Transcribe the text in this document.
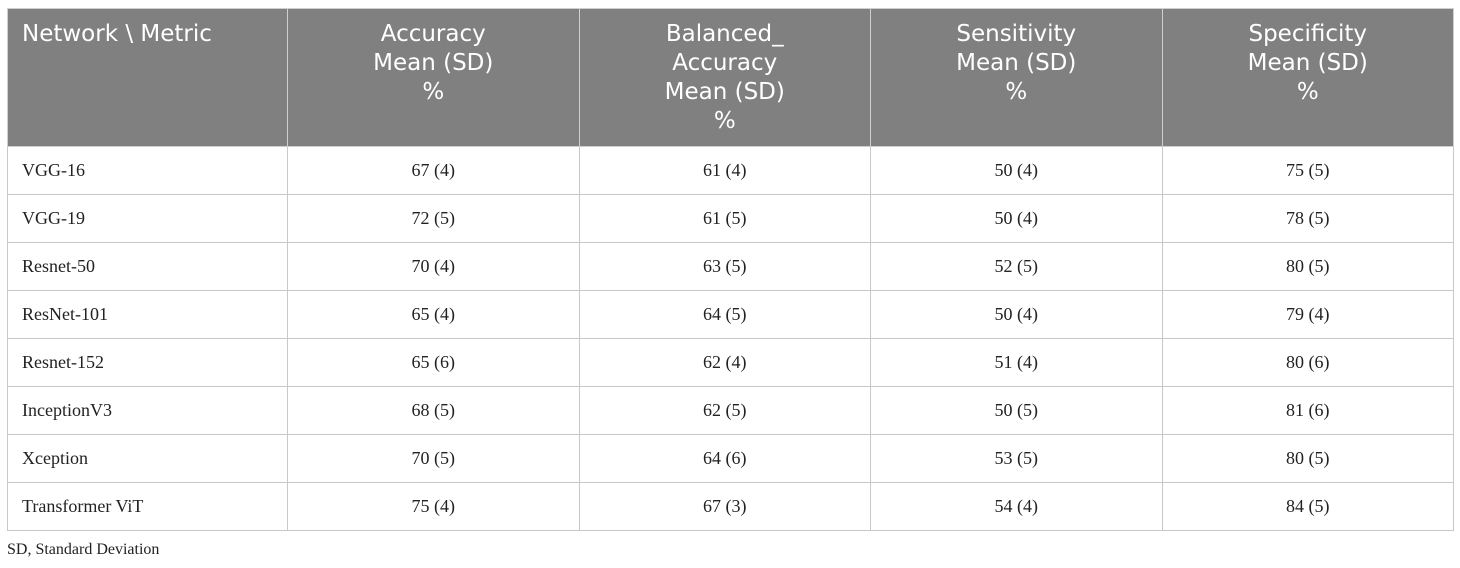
Network \ Metric	Accuracy
Mean (SD)
%	Balanced_
Accuracy
Mean (SD)
%	Sensitivity
Mean (SD)
%	Specificity
Mean (SD)
%
VGG-16	67 (4)	61 (4)	50 (4)	75 (5)
VGG-19	72 (5)	61 (5)	50 (4)	78 (5)
Resnet-50	70 (4)	63 (5)	52 (5)	80 (5)
ResNet-101	65 (4)	64 (5)	50 (4)	79 (4)
Resnet-152	65 (6)	62 (4)	51 (4)	80 (6)
InceptionV3	68 (5)	62 (5)	50 (5)	81 (6)
Xception	70 (5)	64 (6)	53 (5)	80 (5)
Transformer ViT	75 (4)	67 (3)	54 (4)	84 (5)
SD, Standard Deviation
